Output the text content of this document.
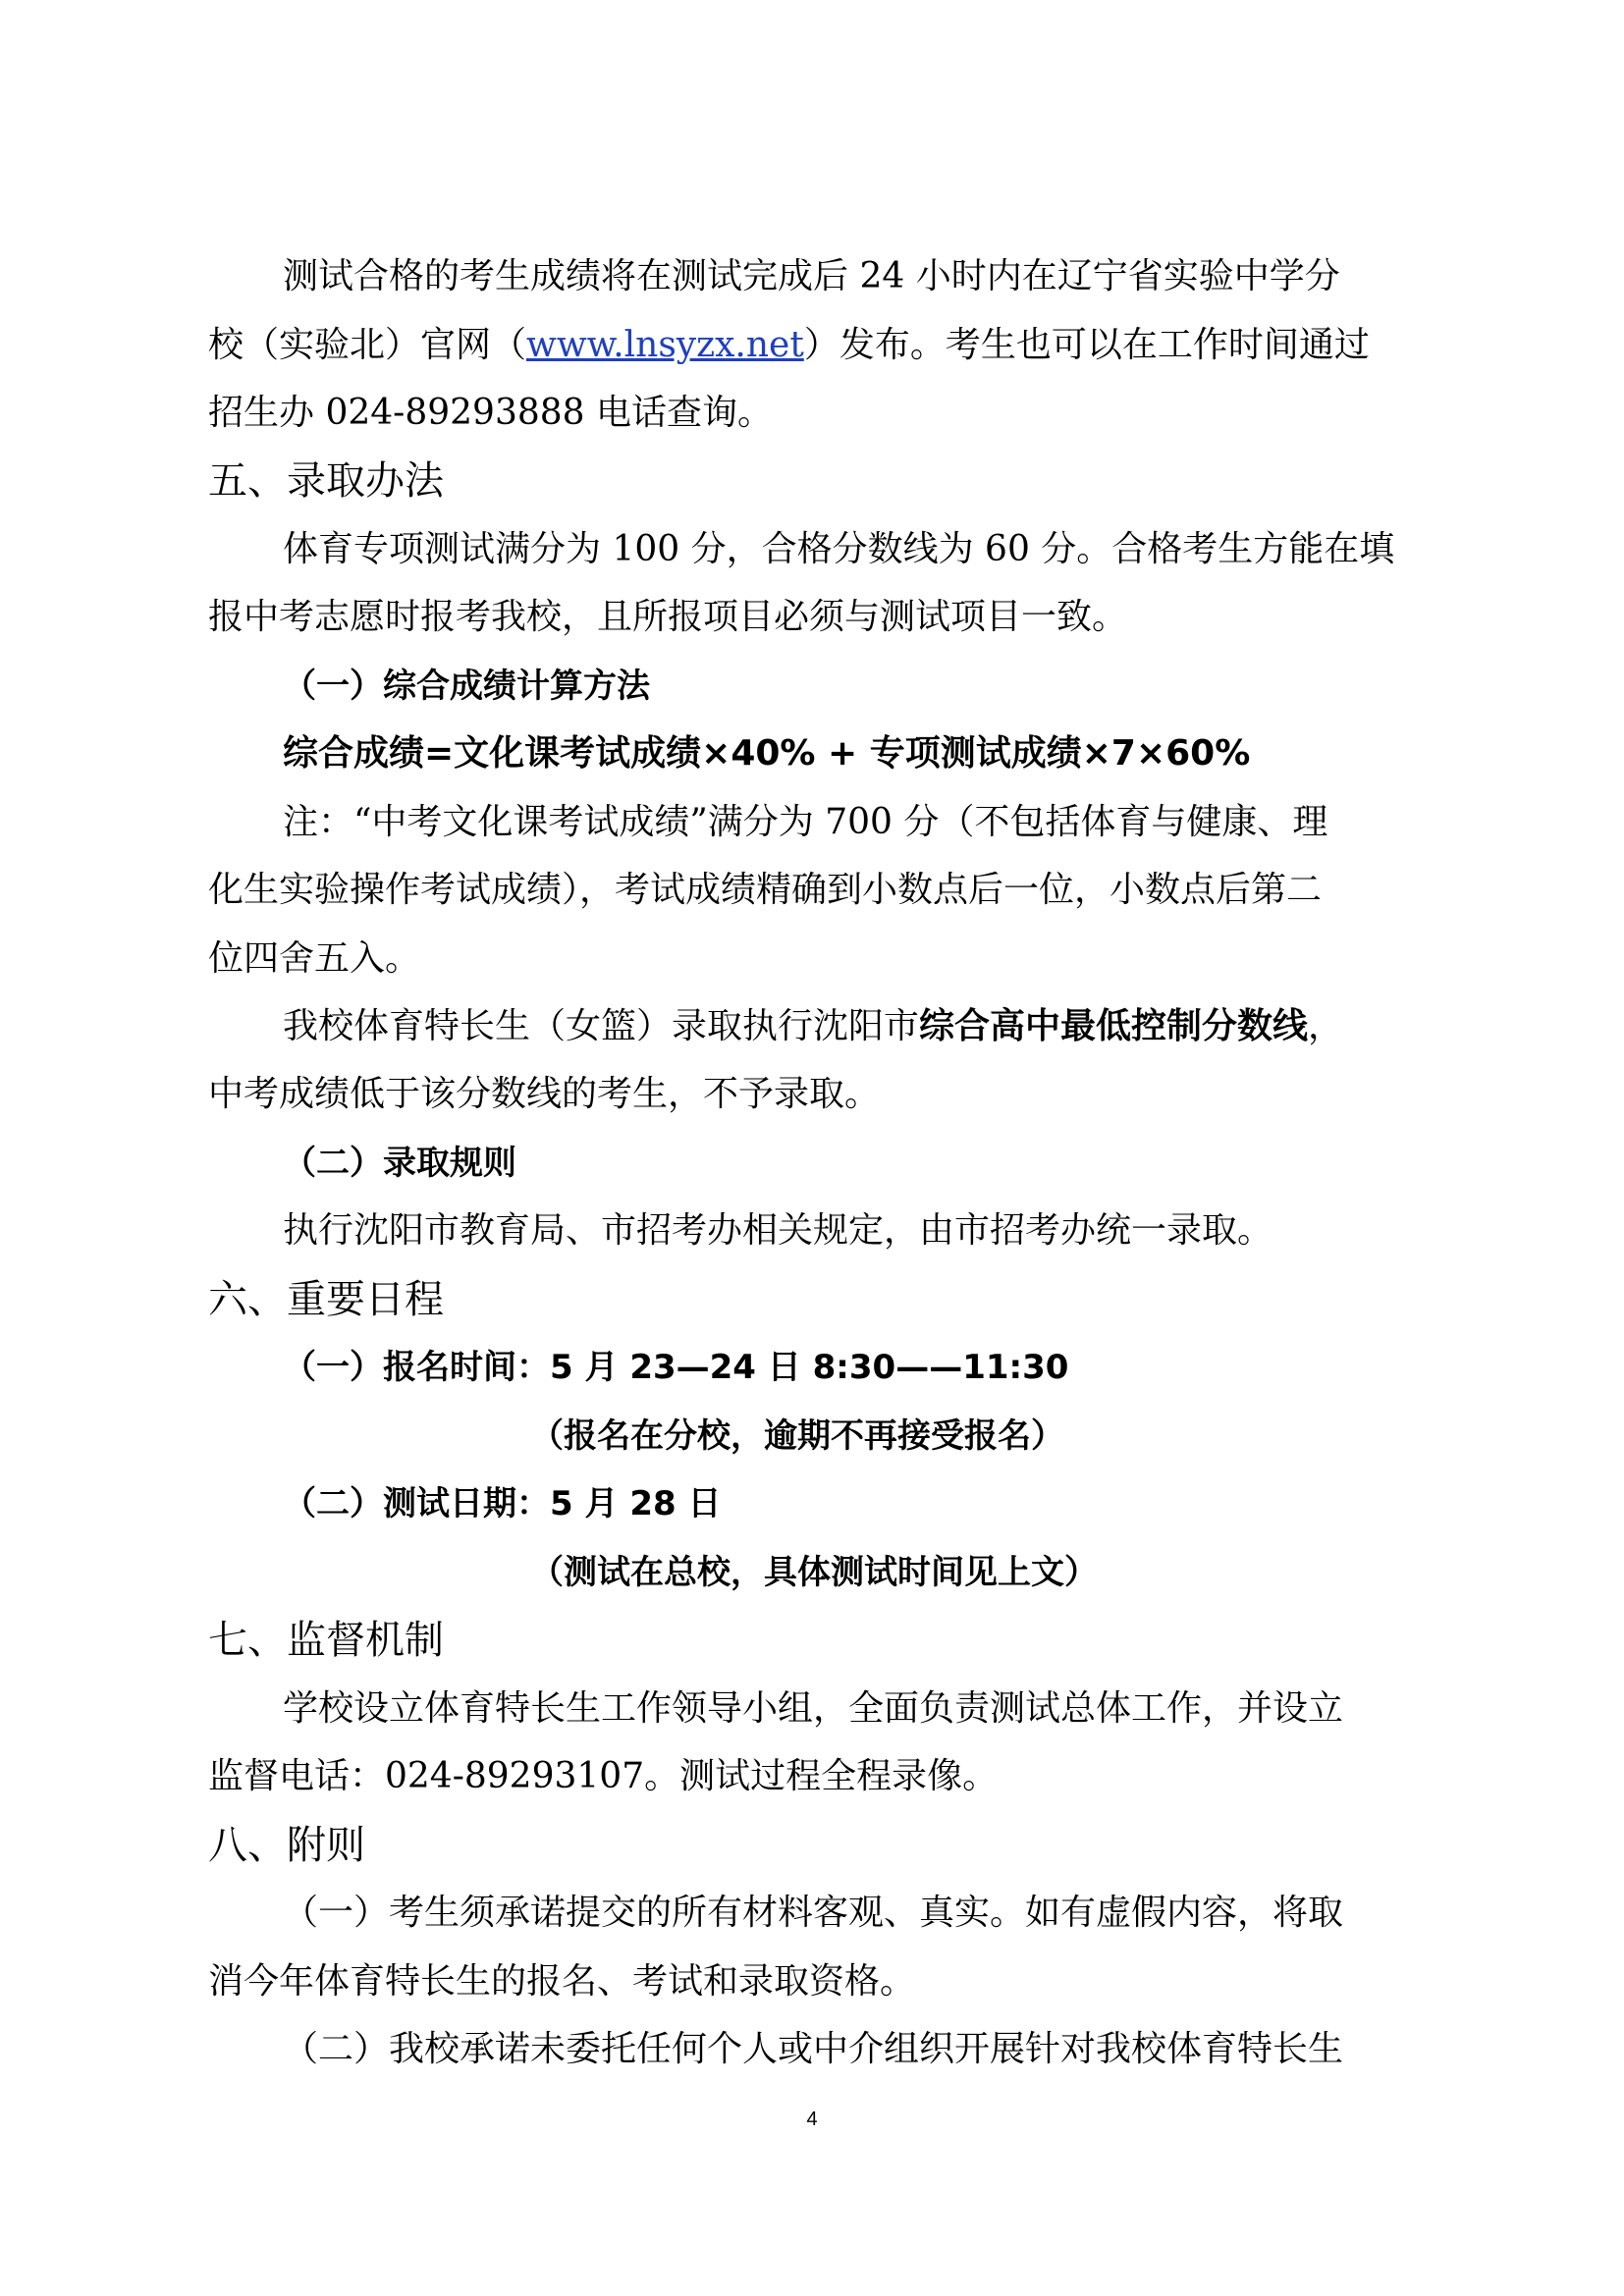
测试合格的考生成绩将在测试完成后 24 小时内在辽宁省实验中学分
校（实验北）官网（www.lnsyzx.net）发布。考生也可以在工作时间通过
招生办 024-89293888 电话查询。
五、录取办法
体育专项测试满分为 100 分，合格分数线为 60 分。合格考生方能在填
报中考志愿时报考我校，且所报项目必须与测试项目一致。
（一）综合成绩计算方法
综合成绩=文化课考试成绩×40% + 专项测试成绩×7×60%
注：“中考文化课考试成绩”满分为 700 分（不包括体育与健康、理
化生实验操作考试成绩），考试成绩精确到小数点后一位，小数点后第二
位四舍五入。
我校体育特长生（女篮）录取执行沈阳市综合高中最低控制分数线，
中考成绩低于该分数线的考生，不予录取。
（二）录取规则
执行沈阳市教育局、市招考办相关规定，由市招考办统一录取。
六、重要日程
（一）报名时间：5 月 23—24 日 8:30——11:30
（报名在分校，逾期不再接受报名）
（二）测试日期：5 月 28 日
（测试在总校，具体测试时间见上文）
七、监督机制
学校设立体育特长生工作领导小组，全面负责测试总体工作，并设立
监督电话：024-89293107。测试过程全程录像。
八、附则
（一）考生须承诺提交的所有材料客观、真实。如有虚假内容，将取
消今年体育特长生的报名、考试和录取资格。
（二）我校承诺未委托任何个人或中介组织开展针对我校体育特长生
4
